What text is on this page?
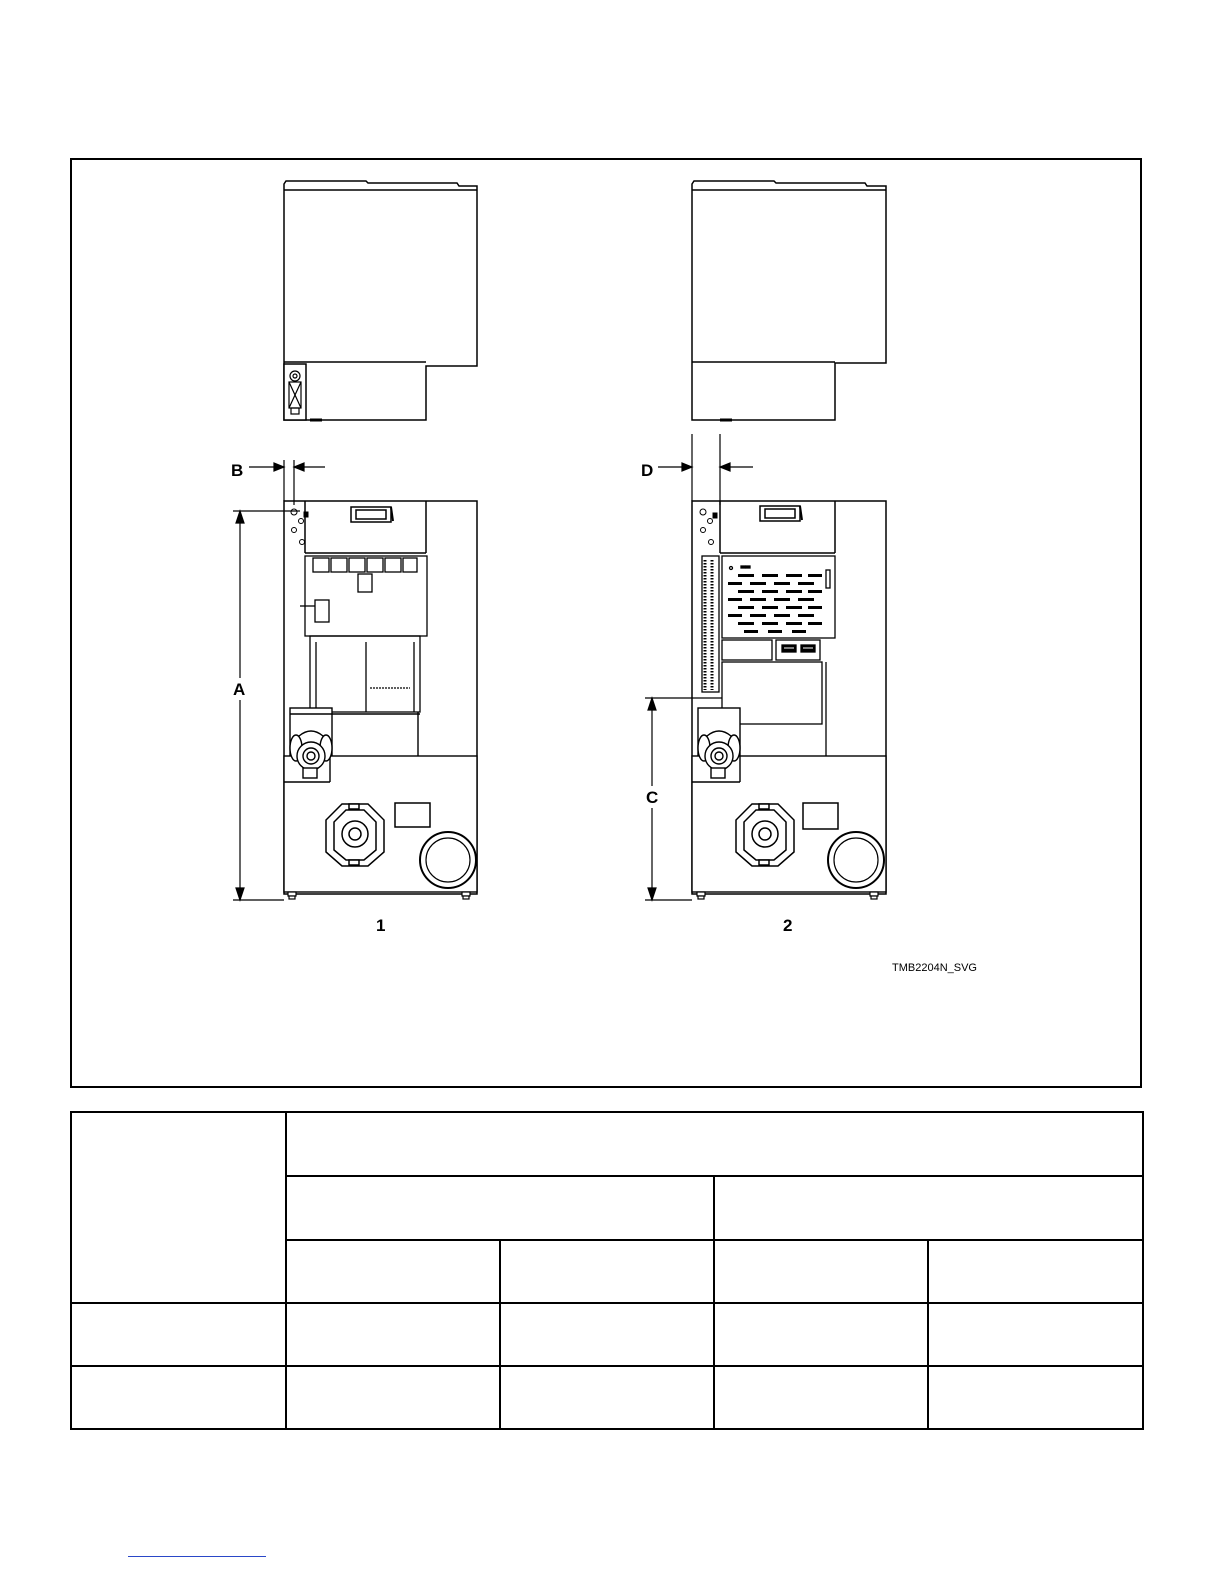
B
A
D
C
1	2
TMB2204N_SVG
